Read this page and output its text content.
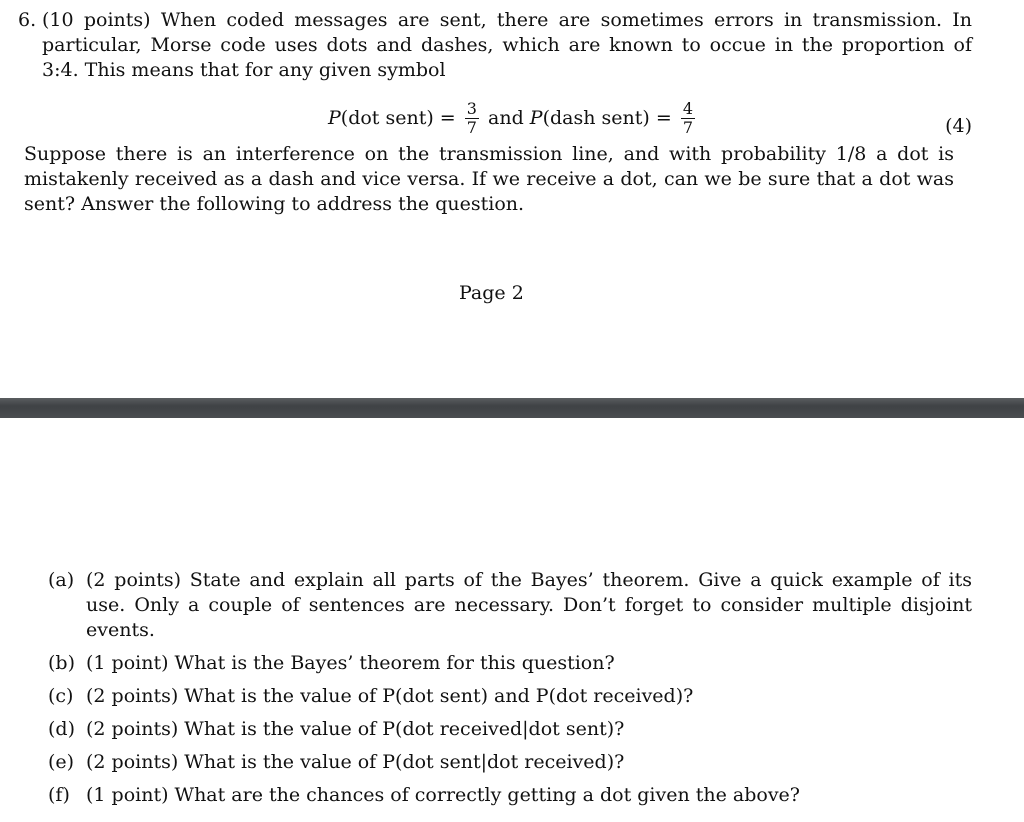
6. (10 points) When coded messages are sent, there are sometimes errors in transmission. In particular, Morse code uses dots and dashes, which are known to occue in the proportion of 3:4. This means that for any given symbol
P(dot sent) = $\frac{3}{7}$ and P(dash sent) = $\frac{4}{7}$	(4)
Suppose there is an interference on the transmission line, and with probability 1/8 a dot is mistakenly received as a dash and vice versa. If we receive a dot, can we be sure that a dot was sent? Answer the following to address the question.
Page 2
(a) (2 points) State and explain all parts of the Bayes’ theorem. Give a quick example of its use. Only a couple of sentences are necessary. Don’t forget to consider multiple disjoint events.
(b) (1 point) What is the Bayes’ theorem for this question?
(c) (2 points) What is the value of P(dot sent) and P(dot received)?
(d) (2 points) What is the value of P(dot received|dot sent)?
(e) (2 points) What is the value of P(dot sent|dot received)?
(f) (1 point) What are the chances of correctly getting a dot given the above?
